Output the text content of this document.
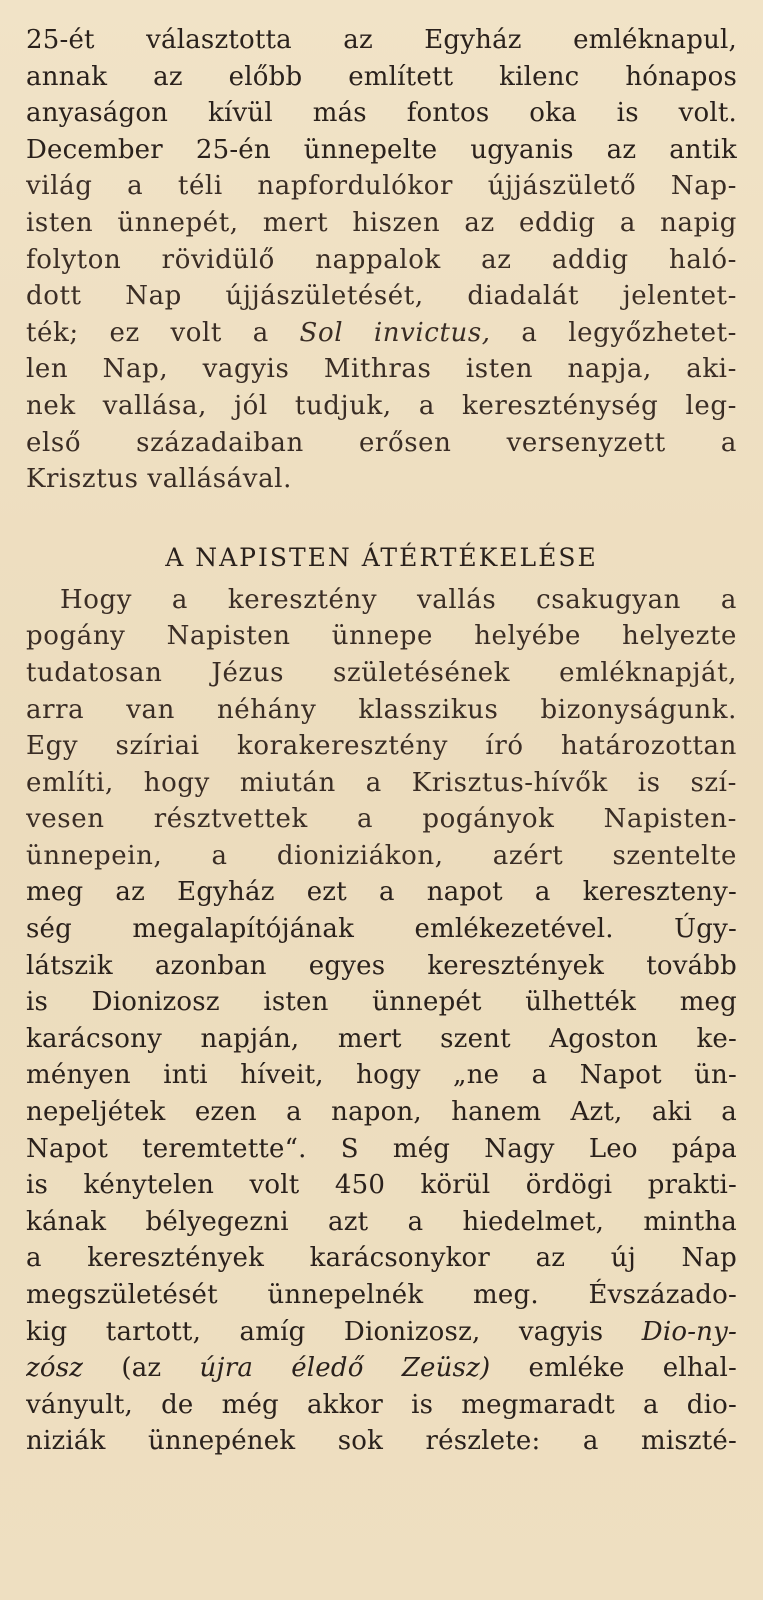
25-ét választotta az Egyház emléknapul,
annak az előbb említett kilenc hónapos
anyaságon kívül más fontos oka is volt.
December 25-én ünnepelte ugyanis az antik
világ a téli napfordulókor újjászülető Nap-
isten ünnepét, mert hiszen az eddig a napig
folyton rövidülő nappalok az addig haló-
dott Nap újjászületését, diadalát jelentet-
ték; ez volt a Sol invictus, a legyőzhetet-
len Nap, vagyis Mithras isten napja, aki-
nek vallása, jól tudjuk, a kereszténység leg-
első századaiban erősen versenyzett a
Krisztus vallásával.
A NAPISTEN ÁTÉRTÉKELÉSE
Hogy a keresztény vallás csakugyan a
pogány Napisten ünnepe helyébe helyezte
tudatosan Jézus születésének emléknapját,
arra van néhány klasszikus bizonyságunk.
Egy szíriai korakeresztény író határozottan
említi, hogy miután a Krisztus-hívők is szí-
vesen résztvettek a pogányok Napisten-
ünnepein, a dioniziákon, azért szentelte
meg az Egyház ezt a napot a kereszteny-
ség megalapítójának emlékezetével. Úgy-
látszik azonban egyes keresztények tovább
is Dionizosz isten ünnepét ülhették meg
karácsony napján, mert szent Agoston ke-
ményen inti híveit, hogy „ne a Napot ün-
nepeljétek ezen a napon, hanem Azt, aki a
Napot teremtette“. S még Nagy Leo pápa
is kénytelen volt 450 körül ördögi prakti-
kának bélyegezni azt a hiedelmet, mintha
a keresztények karácsonykor az új Nap
megszületését ünnepelnék meg. Évszázado-
kig tartott, amíg Dionizosz, vagyis Dio-ny-
zósz (az újra éledő Zeüsz) emléke elhal-
ványult, de még akkor is megmaradt a dio-
niziák ünnepének sok részlete: a miszté-
